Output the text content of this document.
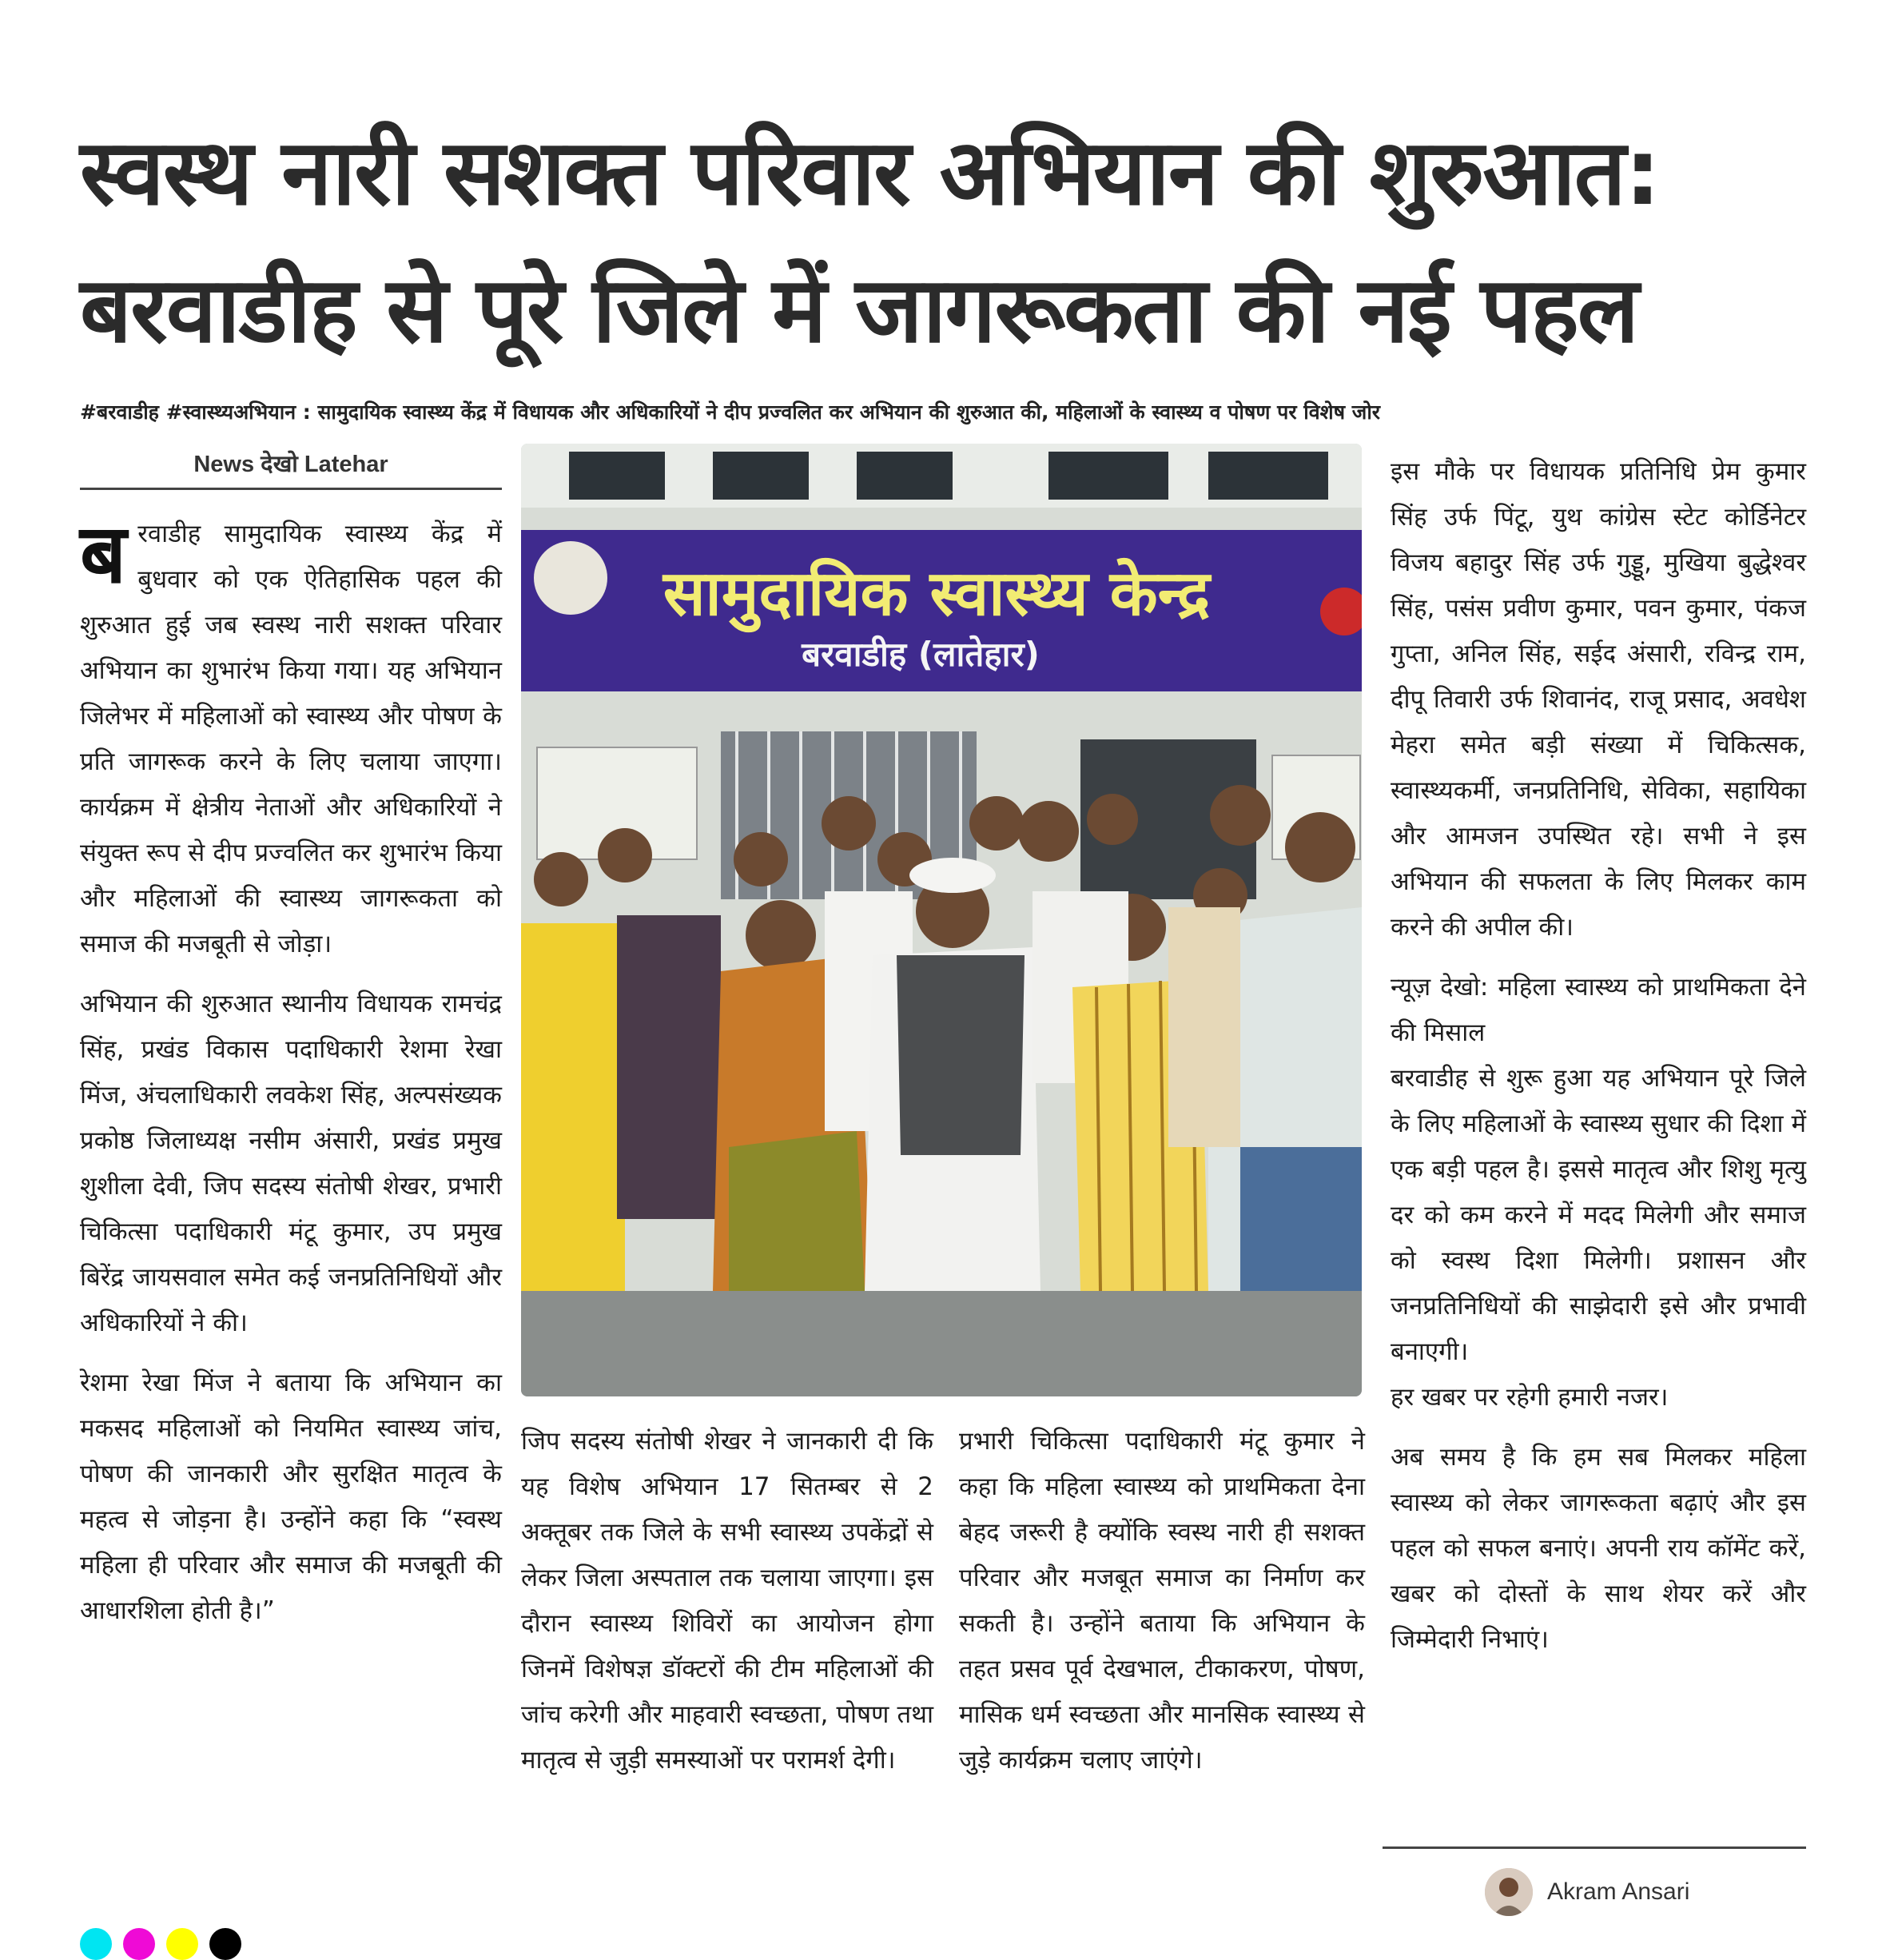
स्वस्थ नारी सशक्त परिवार अभियान की शुरुआत:
बरवाडीह से पूरे जिले में जागरूकता की नई पहल
#बरवाडीह #स्वास्थ्यअभियान : सामुदायिक स्वास्थ्य केंद्र में विधायक और अधिकारियों ने दीप प्रज्वलित कर अभियान की शुरुआत की, महिलाओं के स्वास्थ्य व पोषण पर विशेष जोर
News देखो Latehar

ब रवाडीह सामुदायिक स्वास्थ्य केंद्र में बुधवार को एक ऐतिहासिक पहल की शुरुआत हुई जब स्वस्थ नारी सशक्त परिवार अभियान का शुभारंभ किया गया। यह अभियान जिलेभर में महिलाओं को स्वास्थ्य और पोषण के प्रति जागरूक करने के लिए चलाया जाएगा। कार्यक्रम में क्षेत्रीय नेताओं और अधिकारियों ने संयुक्त रूप से दीप प्रज्वलित कर शुभारंभ किया और महिलाओं की स्वास्थ्य जागरूकता को समाज की मजबूती से जोड़ा।

अभियान की शुरुआत स्थानीय विधायक रामचंद्र सिंह, प्रखंड विकास पदाधिकारी रेशमा रेखा मिंज, अंचलाधिकारी लवकेश सिंह, अल्पसंख्यक प्रकोष्ठ जिलाध्यक्ष नसीम अंसारी, प्रखंड प्रमुख शुशीला देवी, जिप सदस्य संतोषी शेखर, प्रभारी चिकित्सा पदाधिकारी मंटू कुमार, उप प्रमुख बिरेंद्र जायसवाल समेत कई जनप्रतिनिधियों और अधिकारियों ने की।

रेशमा रेखा मिंज ने बताया कि अभियान का मकसद महिलाओं को नियमित स्वास्थ्य जांच, पोषण की जानकारी और सुरक्षित मातृत्व के महत्व से जोड़ना है। उन्होंने कहा कि “स्वस्थ महिला ही परिवार और समाज की मजबूती की आधारशिला होती है।”

सामुदायिक स्वास्थ्य केन्द्र
बरवाडीह (लातेहार)

जिप सदस्य संतोषी शेखर ने जानकारी दी कि यह विशेष अभियान 17 सितम्बर से 2 अक्तूबर तक जिले के सभी स्वास्थ्य उपकेंद्रों से लेकर जिला अस्पताल तक चलाया जाएगा। इस दौरान स्वास्थ्य शिविरों का आयोजन होगा जिनमें विशेषज्ञ डॉक्टरों की टीम महिलाओं की जांच करेगी और माहवारी स्वच्छता, पोषण तथा मातृत्व से जुड़ी समस्याओं पर परामर्श देगी।

प्रभारी चिकित्सा पदाधिकारी मंटू कुमार ने कहा कि महिला स्वास्थ्य को प्राथमिकता देना बेहद जरूरी है क्योंकि स्वस्थ नारी ही सशक्त परिवार और मजबूत समाज का निर्माण कर सकती है। उन्होंने बताया कि अभियान के तहत प्रसव पूर्व देखभाल, टीकाकरण, पोषण, मासिक धर्म स्वच्छता और मानसिक स्वास्थ्य से जुड़े कार्यक्रम चलाए जाएंगे।

इस मौके पर विधायक प्रतिनिधि प्रेम कुमार सिंह उर्फ पिंटू, युथ कांग्रेस स्टेट कोर्डिनेटर विजय बहादुर सिंह उर्फ गुड्डू, मुखिया बुद्धेश्वर सिंह, पसंस प्रवीण कुमार, पवन कुमार, पंकज गुप्ता, अनिल सिंह, सईद अंसारी, रविन्द्र राम, दीपू तिवारी उर्फ शिवानंद, राजू प्रसाद, अवधेश मेहरा समेत बड़ी संख्या में चिकित्सक, स्वास्थ्यकर्मी, जनप्रतिनिधि, सेविका, सहायिका और आमजन उपस्थित रहे। सभी ने इस अभियान की सफलता के लिए मिलकर काम करने की अपील की।

न्यूज़ देखो: महिला स्वास्थ्य को प्राथमिकता देने की मिसाल

बरवाडीह से शुरू हुआ यह अभियान पूरे जिले के लिए महिलाओं के स्वास्थ्य सुधार की दिशा में एक बड़ी पहल है। इससे मातृत्व और शिशु मृत्यु दर को कम करने में मदद मिलेगी और समाज को स्वस्थ दिशा मिलेगी। प्रशासन और जनप्रतिनिधियों की साझेदारी इसे और प्रभावी बनाएगी।

हर खबर पर रहेगी हमारी नजर।

अब समय है कि हम सब मिलकर महिला स्वास्थ्य को लेकर जागरूकता बढ़ाएं और इस पहल को सफल बनाएं। अपनी राय कॉमेंट करें, खबर को दोस्तों के साथ शेयर करें और जिम्मेदारी निभाएं।

Akram Ansari
